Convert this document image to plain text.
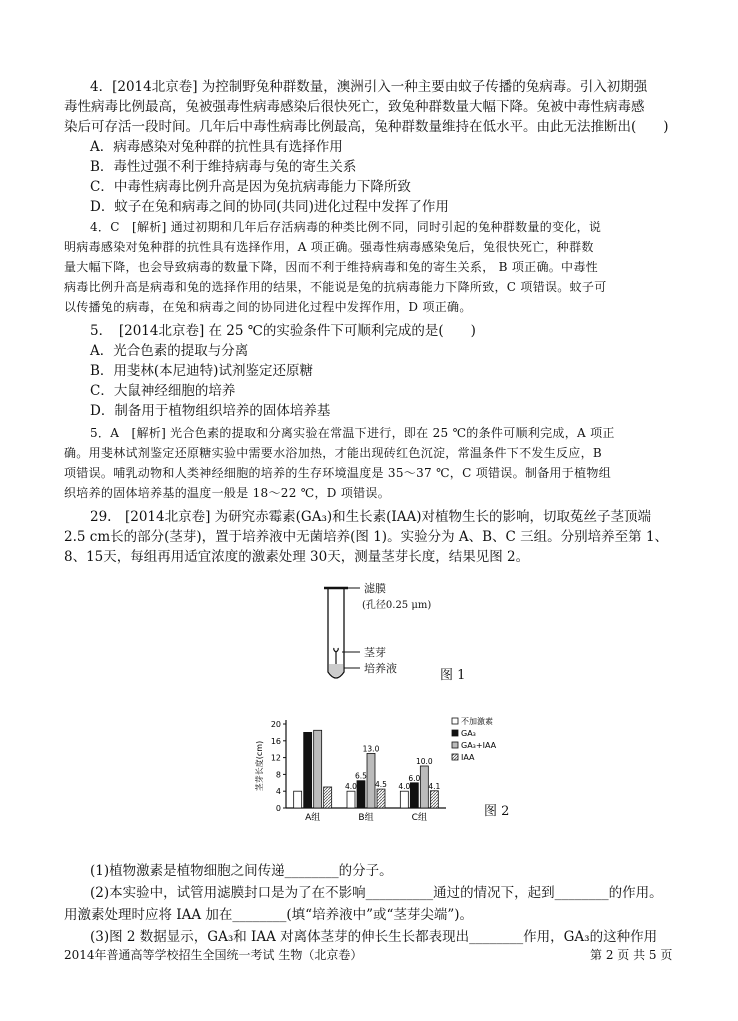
4．[2014北京卷] 为控制野兔种群数量，澳洲引入一种主要由蚊子传播的兔病毒。引入初期强
毒性病毒比例最高，兔被强毒性病毒感染后很快死亡，致兔种群数量大幅下降。兔被中毒性病毒感
染后可存活一段时间。几年后中毒性病毒比例最高，兔种群数量维持在低水平。由此无法推断出(　　)
A．病毒感染对兔种群的抗性具有选择作用
B．毒性过强不利于维持病毒与兔的寄生关系
C．中毒性病毒比例升高是因为兔抗病毒能力下降所致
D．蚊子在兔和病毒之间的协同(共同)进化过程中发挥了作用
4．C　[解析] 通过初期和几年后存活病毒的种类比例不同，同时引起的兔种群数量的变化，说
明病毒感染对兔种群的抗性具有选择作用，A 项正确。强毒性病毒感染兔后，兔很快死亡，种群数
量大幅下降，也会导致病毒的数量下降，因而不利于维持病毒和兔的寄生关系， B 项正确。中毒性
病毒比例升高是病毒和兔的选择作用的结果，不能说是兔的抗病毒能力下降所致，C 项错误。蚊子可
以传播兔的病毒，在兔和病毒之间的协同进化过程中发挥作用，D 项正确。
5．　[2014北京卷] 在 25 ℃的实验条件下可顺利完成的是(　　)
A．光合色素的提取与分离
B．用斐林(本尼迪特)试剂鉴定还原糖
C．大鼠神经细胞的培养
D．制备用于植物组织培养的固体培养基
5．A　[解析] 光合色素的提取和分离实验在常温下进行，即在 25 ℃的条件可顺利完成，A 项正
确。用斐林试剂鉴定还原糖实验中需要水浴加热，才能出现砖红色沉淀，常温条件下不发生反应，B
项错误。哺乳动物和人类神经细胞的培养的生存环境温度是 35～37 ℃，C 项错误。制备用于植物组
织培养的固体培养基的温度一般是 18～22 ℃，D 项错误。
29.　[2014北京卷] 为研究赤霉素(GA₃)和生长素(IAA)对植物生长的影响，切取菟丝子茎顶端
2.5 cm长的部分(茎芽)，置于培养液中无菌培养(图 1)。实验分为 A、B、C 三组。分别培养至第 1、
8、15天，每组再用适宜浓度的激素处理 30天，测量茎芽长度，结果见图 2。
滤膜
(孔径0.25 μm)
茎芽
培养液	图 1
0
4
8
12
16
20
茎芽长度(cm)
A组
4.0
6.5
13.0
4.5
B组
4.0
6.0
10.0
4.1
C组
不加激素
GA₃
GA₃+IAA
IAA
图 2
(1)植物激素是植物细胞之间传递________的分子。
(2)本实验中，试管用滤膜封口是为了在不影响__________通过的情况下，起到________的作用。
用激素处理时应将 IAA 加在________(填“培养液中”或“茎芽尖端”)。
(3)图 2 数据显示，GA₃和 IAA 对离体茎芽的伸长生长都表现出________作用，GA₃的这种作用
2014年普通高等学校招生全国统一考试 生物（北京卷）	第 2 页 共 5 页
